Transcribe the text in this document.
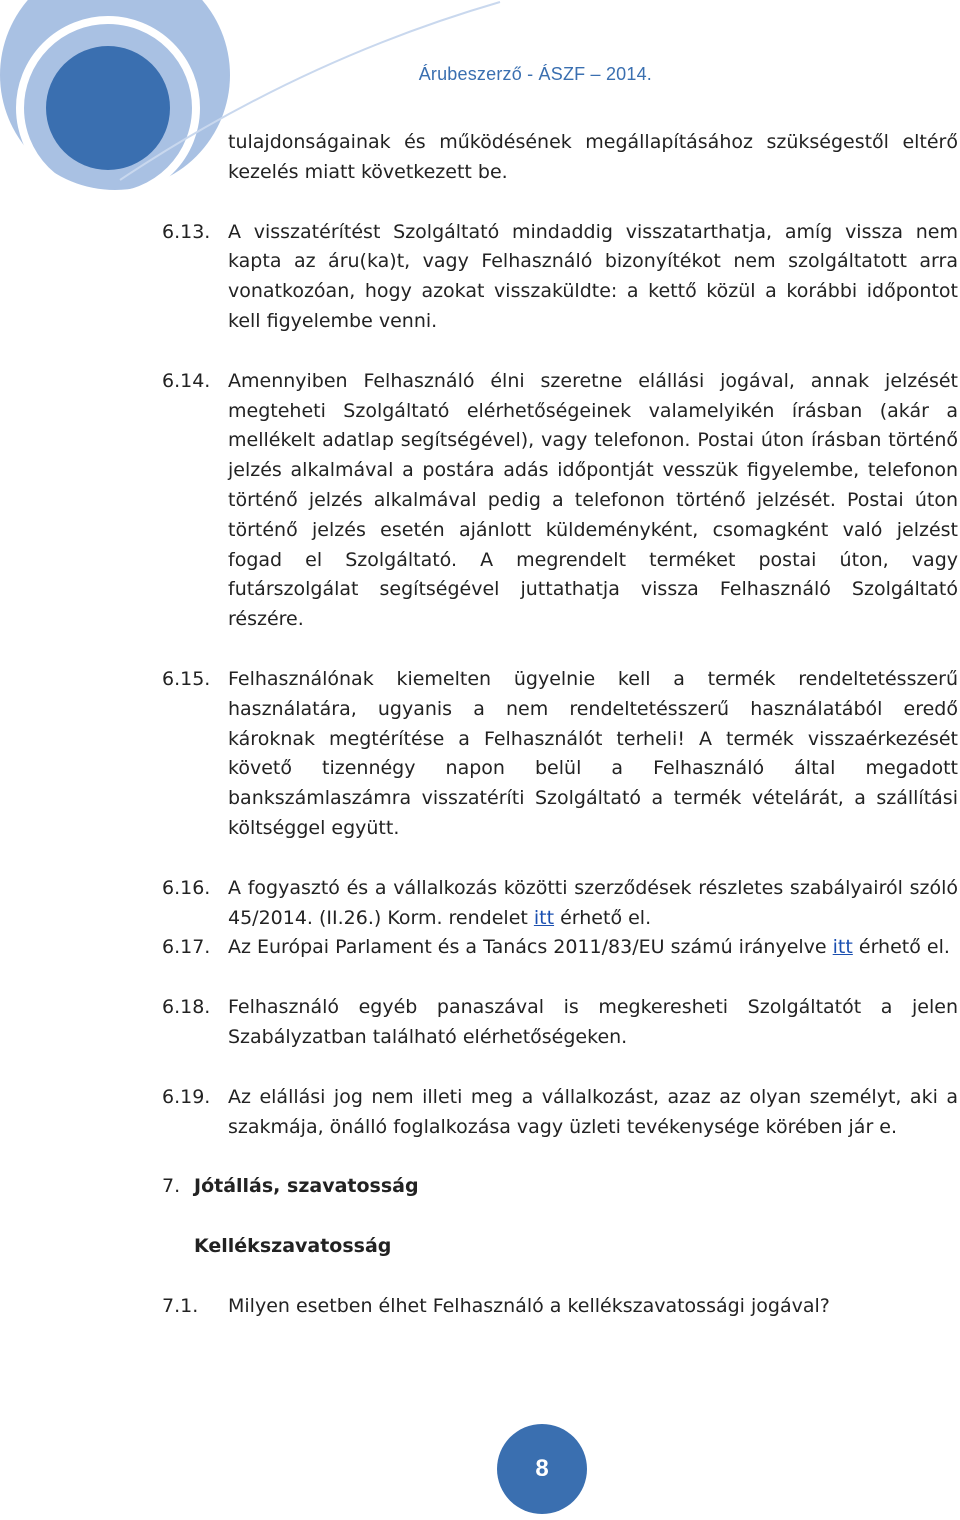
Árubeszerző - ÁSZF – 2014.
tulajdonságainak és működésének megállapításához szükségestől eltérő kezelés miatt következett be.
6.13. A visszatérítést Szolgáltató mindaddig visszatarthatja, amíg vissza nem kapta az áru(ka)t, vagy Felhasználó bizonyítékot nem szolgáltatott arra vonatkozóan, hogy azokat visszaküldte: a kettő közül a korábbi időpontot kell figyelembe venni.
6.14. Amennyiben Felhasználó élni szeretne elállási jogával, annak jelzését megteheti Szolgáltató elérhetőségeinek valamelyikén írásban (akár a mellékelt adatlap segítségével), vagy telefonon. Postai úton írásban történő jelzés alkalmával a postára adás időpontját vesszük figyelembe, telefonon történő jelzés alkalmával pedig a telefonon történő jelzését. Postai úton történő jelzés esetén ajánlott küldeményként, csomagként való jelzést fogad el Szolgáltató. A megrendelt terméket postai úton, vagy futárszolgálat segítségével juttathatja vissza Felhasználó Szolgáltató részére.
6.15. Felhasználónak kiemelten ügyelnie kell a termék rendeltetésszerű használatára, ugyanis a nem rendeltetésszerű használatából eredő károknak megtérítése a Felhasználót terheli! A termék visszaérkezését követő tizennégy napon belül a Felhasználó által megadott bankszámlaszámra visszatéríti Szolgáltató a termék vételárát, a szállítási költséggel együtt.
6.16. A fogyasztó és a vállalkozás közötti szerződések részletes szabályairól szóló 45/2014. (II.26.) Korm. rendelet itt érhető el.
6.17. Az Európai Parlament és a Tanács 2011/83/EU számú irányelve itt érhető el.
6.18. Felhasználó egyéb panaszával is megkeresheti Szolgáltatót a jelen Szabályzatban található elérhetőségeken.
6.19. Az elállási jog nem illeti meg a vállalkozást, azaz az olyan személyt, aki a szakmája, önálló foglalkozása vagy üzleti tevékenysége körében jár e.
7. Jótállás, szavatosság
Kellékszavatosság
7.1. Milyen esetben élhet Felhasználó a kellékszavatossági jogával?
8
